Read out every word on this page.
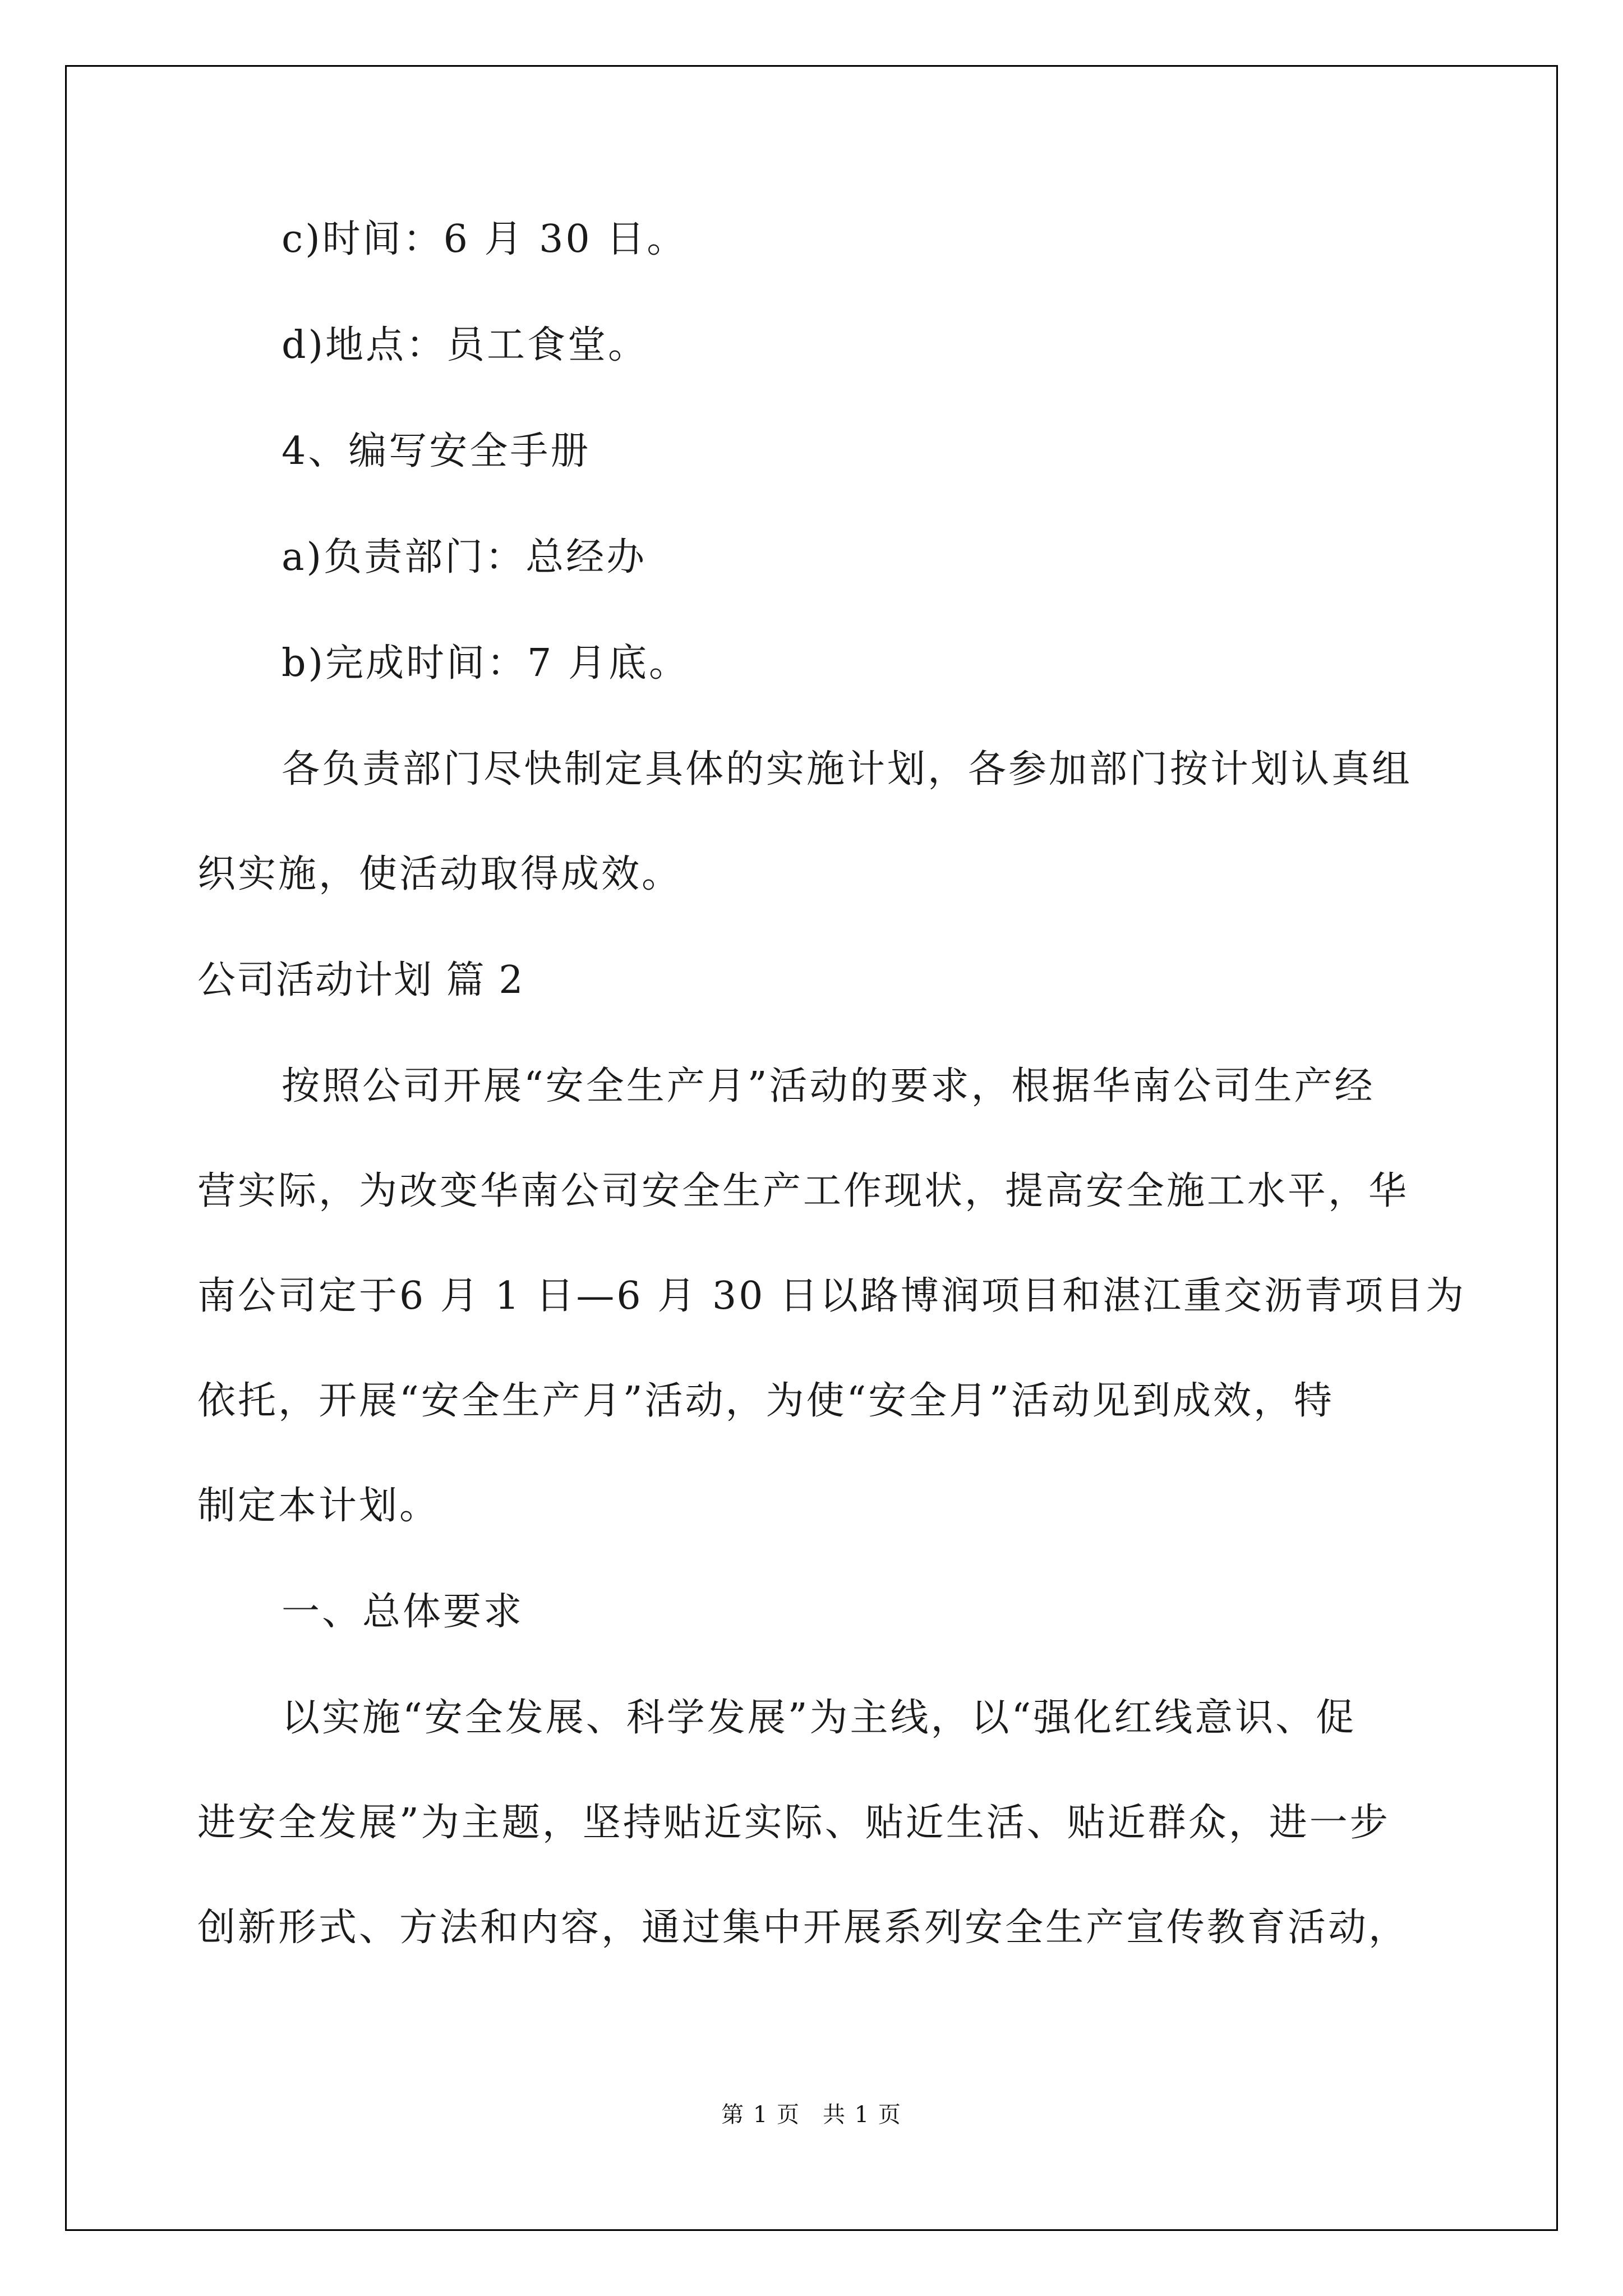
c)时间：6 月 30 日。
d)地点：员工食堂。
4、编写安全手册
a)负责部门：总经办
b)完成时间：7 月底。
各负责部门尽快制定具体的实施计划，各参加部门按计划认真组
织实施，使活动取得成效。
公司活动计划 篇 2
按照公司开展“安全生产月”活动的要求，根据华南公司生产经
营实际，为改变华南公司安全生产工作现状，提高安全施工水平，华
南公司定于6 月 1 日—6 月 30 日以路博润项目和湛江重交沥青项目为
依托，开展“安全生产月”活动，为使“安全月”活动见到成效，特
制定本计划。
一、总体要求
以实施“安全发展、科学发展”为主线，以“强化红线意识、促
进安全发展”为主题，坚持贴近实际、贴近生活、贴近群众，进一步
创新形式、方法和内容，通过集中开展系列安全生产宣传教育活动，
第 1 页 共 1 页
